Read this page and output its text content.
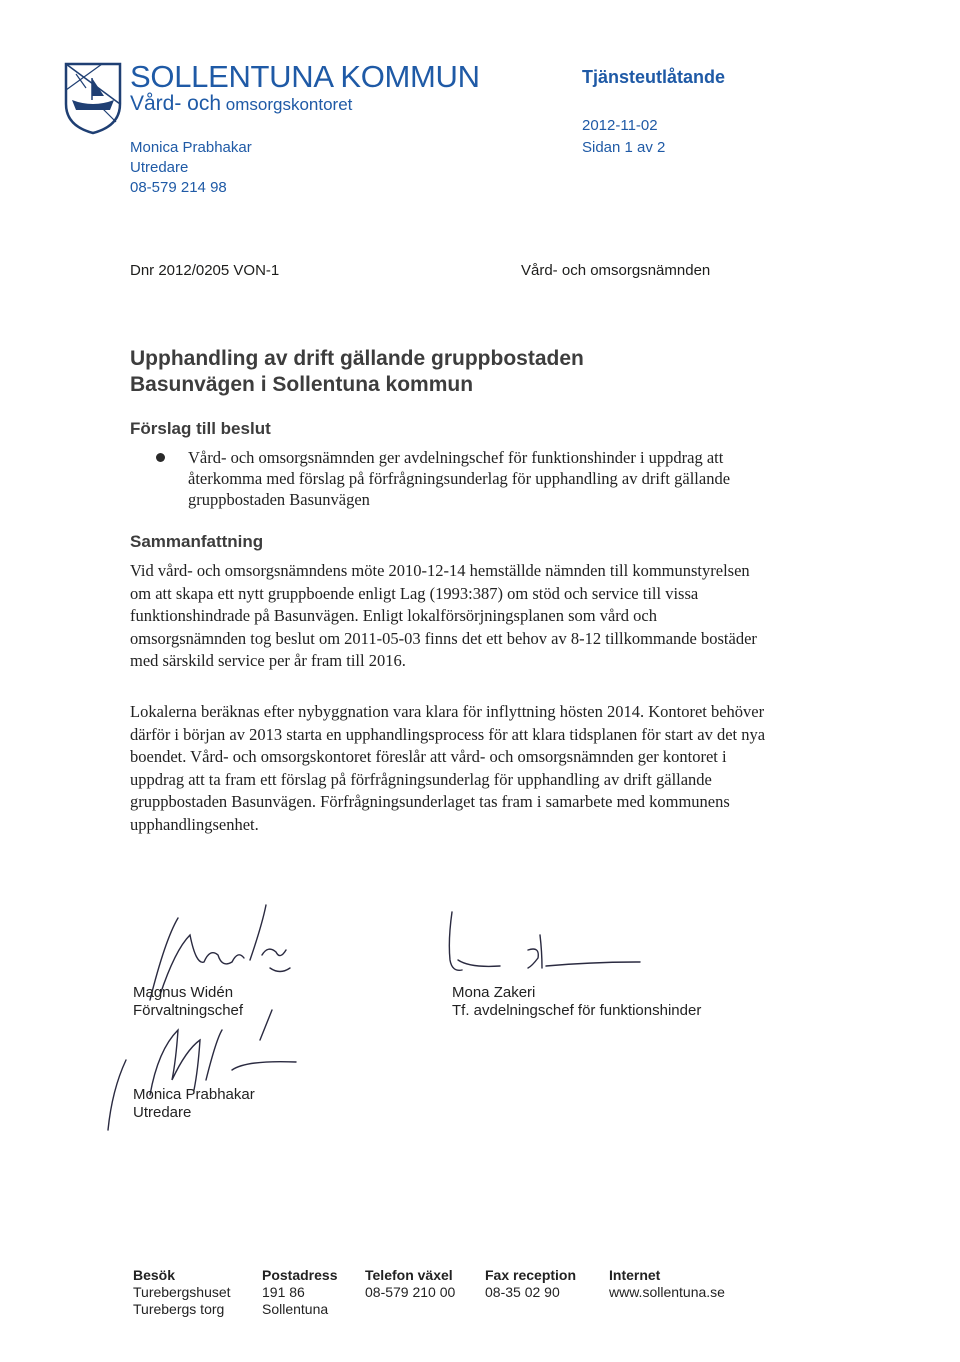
SOLLENTUNA KOMMUN
Vård- och omsorgskontoret
Monica Prabhakar
Utredare
08-579 214 98
Tjänsteutlåtande
2012-11-02
Sidan 1 av 2
Dnr 2012/0205 VON-1	Vård- och omsorgsnämnden
Upphandling av drift gällande gruppbostaden
Basunvägen i Sollentuna kommun
Förslag till beslut
Vård- och omsorgsnämnden ger avdelningschef för funktionshinder i uppdrag att återkomma med förslag på förfrågningsunderlag för upphandling av drift gällande gruppbostaden Basunvägen
Sammanfattning
Vid vård- och omsorgsnämndens möte 2010-12-14 hemställde nämnden till kommunstyrelsen om att skapa ett nytt gruppboende enligt Lag (1993:387) om stöd och service till vissa funktionshindrade på Basunvägen. Enligt lokalförsörjningsplanen som vård och omsorgsnämnden tog beslut om 2011-05-03 finns det ett behov av 8-12 tillkommande bostäder med särskild service per år fram till 2016.
Lokalerna beräknas efter nybyggnation vara klara för inflyttning hösten 2014. Kontoret behöver därför i början av 2013 starta en upphandlingsprocess för att klara tidsplanen för start av det nya boendet. Vård- och omsorgskontoret föreslår att vård- och omsorgsnämnden ger kontoret i uppdrag att ta fram ett förslag på förfrågningsunderlag för upphandling av drift gällande gruppbostaden Basunvägen. Förfrågningsunderlaget tas fram i samarbete med kommunens upphandlingsenhet.
Magnus Widén
Förvaltningschef
Mona Zakeri
Tf. avdelningschef för funktionshinder
Monica Prabhakar
Utredare
Besök
Turebergshuset
Turebergs torg
Postadress
191 86
Sollentuna
Telefon växel
08-579 210 00
Fax reception
08-35 02 90
Internet
www.sollentuna.se
